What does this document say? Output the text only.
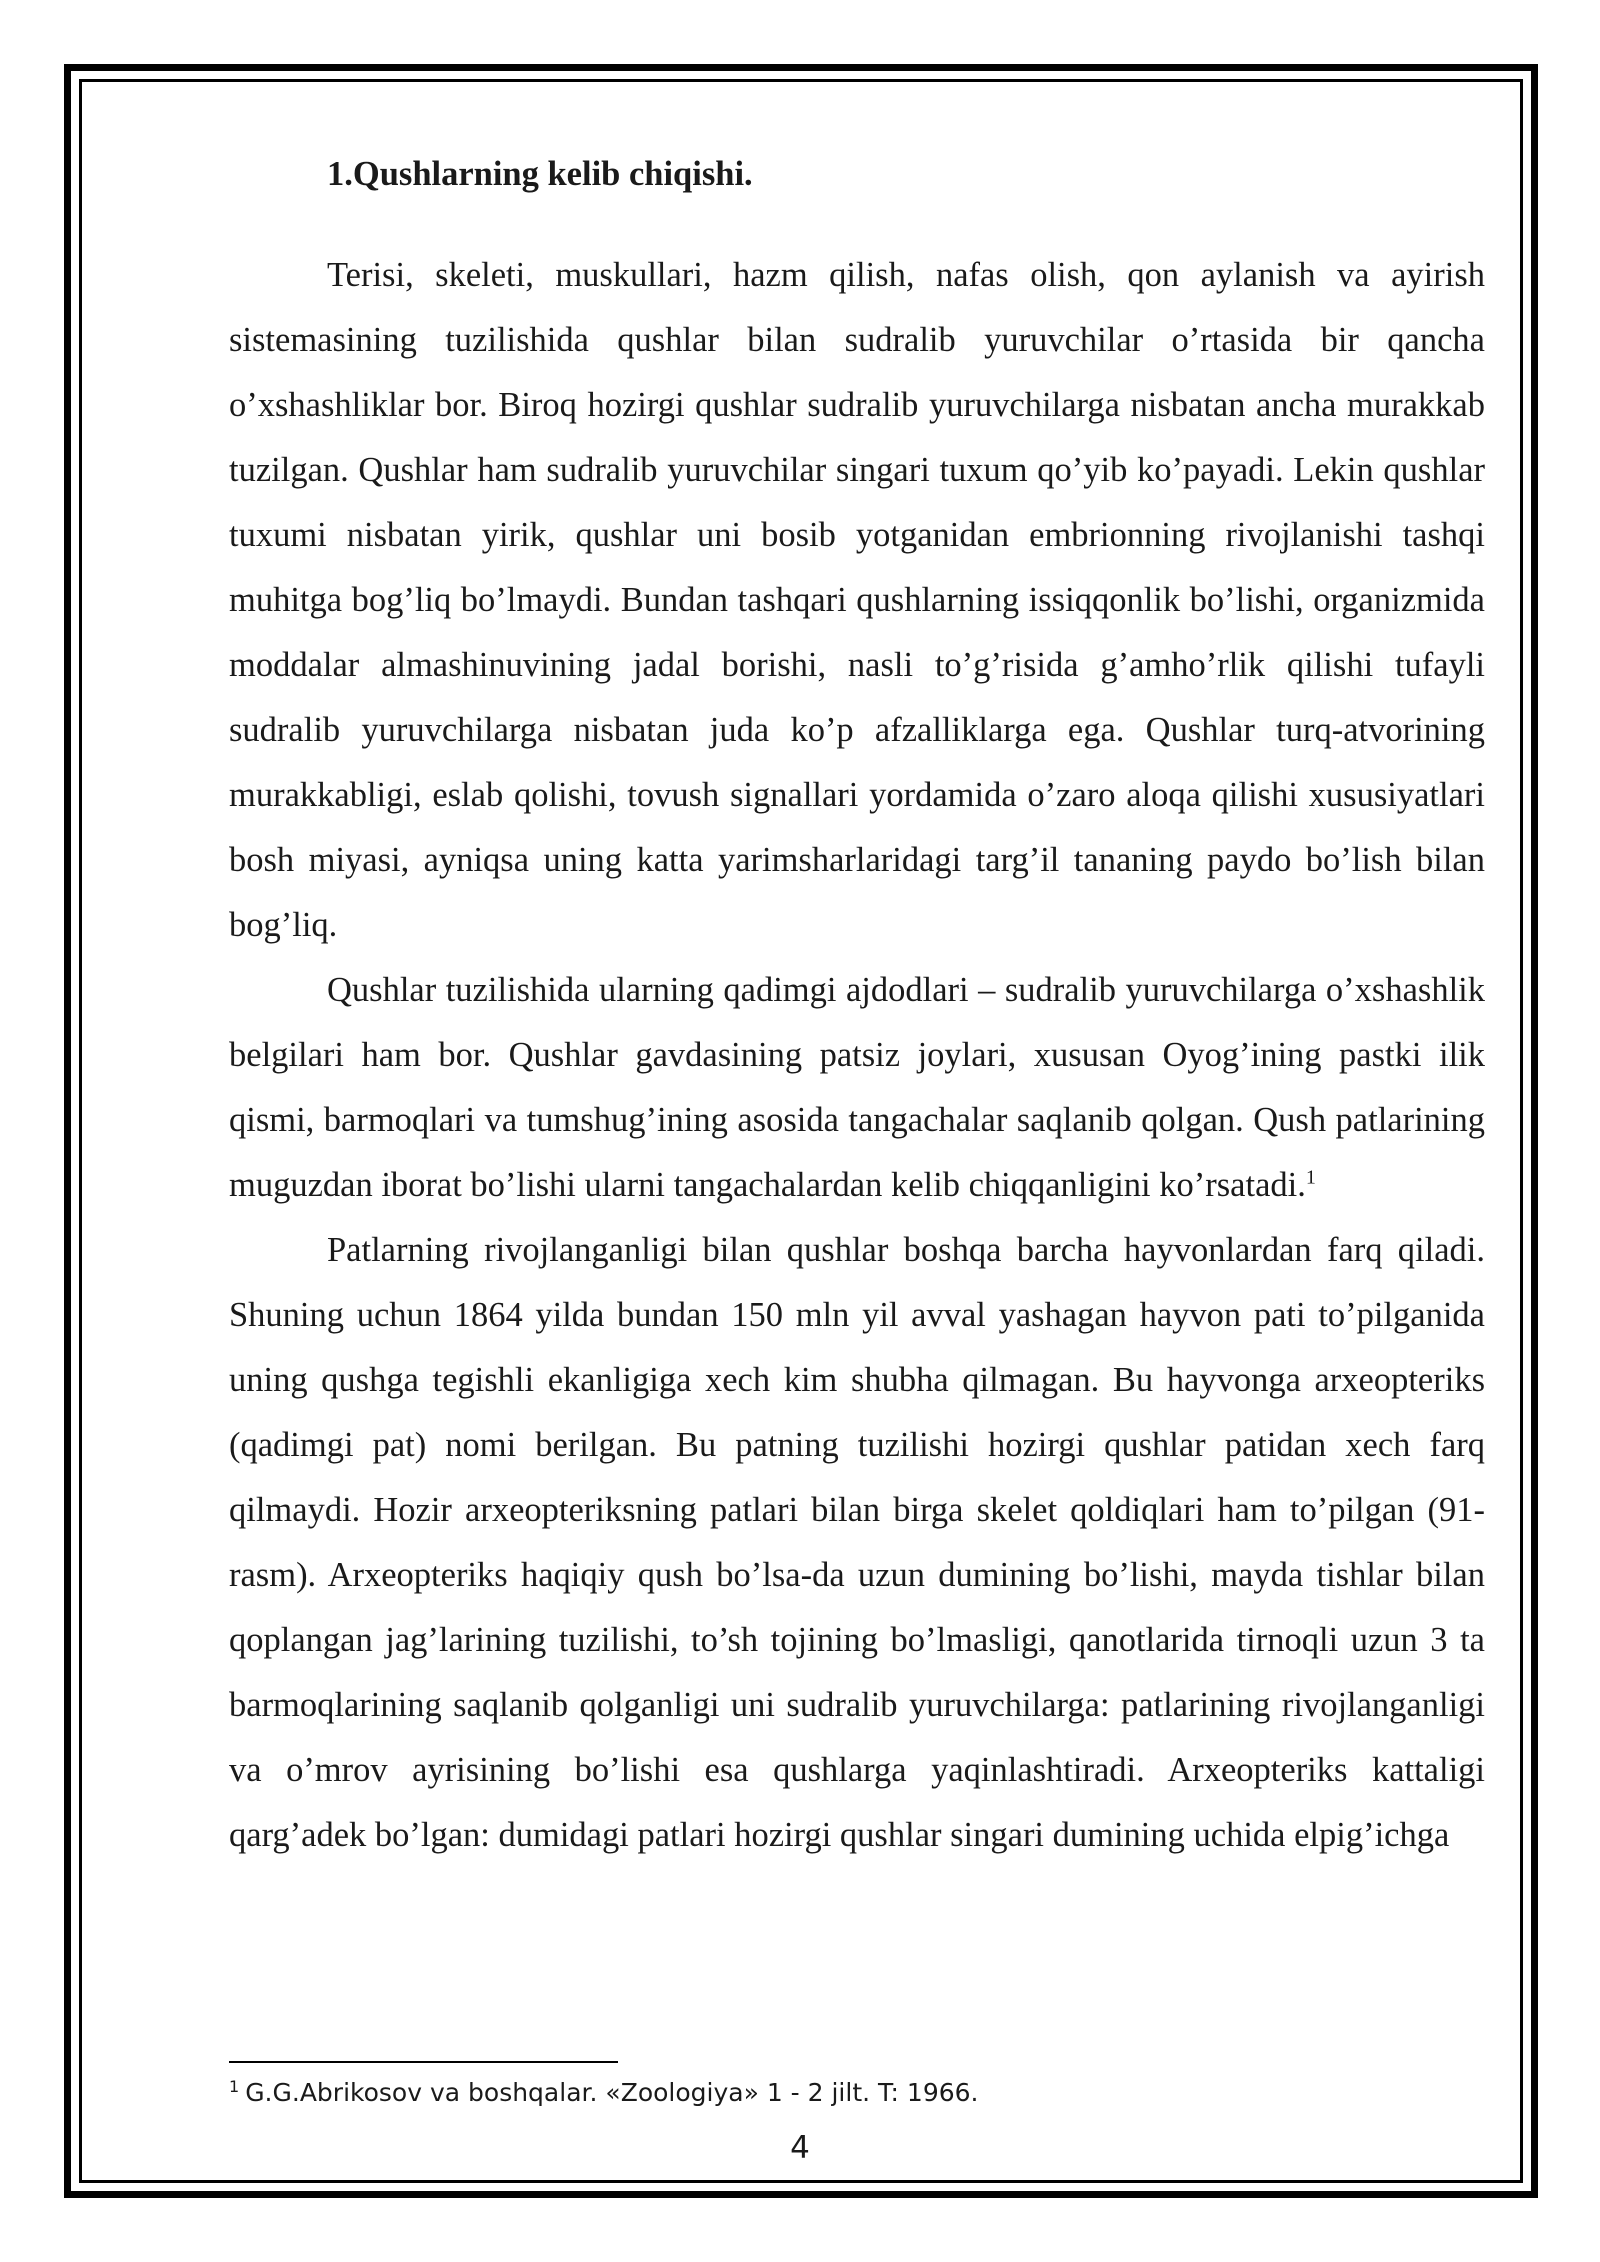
1.Qushlarning kelib chiqishi.

Terisi, skeleti, muskullari, hazm qilish, nafas olish, qon aylanish va ayirish sistemasining tuzilishida qushlar bilan sudralib yuruvchilar o’rtasida bir qancha o’xshashliklar bor. Biroq hozirgi qushlar sudralib yuruvchilarga nisbatan ancha murakkab tuzilgan. Qushlar ham sudralib yuruvchilar singari tuxum qo’yib ko’payadi. Lekin qushlar tuxumi nisbatan yirik, qushlar uni bosib yotganidan embrionning rivojlanishi tashqi muhitga bog’liq bo’lmaydi. Bundan tashqari qushlarning issiqqonlik bo’lishi, organizmida moddalar almashinuvining jadal borishi, nasli to’g’risida g’amho’rlik qilishi tufayli sudralib yuruvchilarga nisbatan juda ko’p afzalliklarga ega. Qushlar turq-atvorining murakkabligi, eslab qolishi, tovush signallari yordamida o’zaro aloqa qilishi xususiyatlari bosh miyasi, ayniqsa uning katta yarimsharlaridagi targ’il tananing paydo bo’lish bilan bog’liq.

Qushlar tuzilishida ularning qadimgi ajdodlari – sudralib yuruvchilarga o’xshashlik belgilari ham bor. Qushlar gavdasining patsiz joylari, xususan Oyog’ining pastki ilik qismi, barmoqlari va tumshug’ining asosida tangachalar saqlanib qolgan. Qush patlarining muguzdan iborat bo’lishi ularni tangachalardan kelib chiqqanligini ko’rsatadi.$^1$

Patlarning rivojlanganligi bilan qushlar boshqa barcha hayvonlardan farq qiladi. Shuning uchun 1864 yilda bundan 150 mln yil avval yashagan hayvon pati to’pilganida uning qushga tegishli ekanligiga xech kim shubha qilmagan. Bu hayvonga arxeopteriks (qadimgi pat) nomi berilgan. Bu patning tuzilishi hozirgi qushlar patidan xech farq qilmaydi. Hozir arxeopteriksning patlari bilan birga skelet qoldiqlari ham to’pilgan (91- rasm). Arxeopteriks haqiqiy qush bo’lsa-da uzun dumining bo’lishi, mayda tishlar bilan qoplangan jag’larining tuzilishi, to’sh tojining bo’lmasligi, qanotlarida tirnoqli uzun 3 ta barmoqlarining saqlanib qolganligi uni sudralib yuruvchilarga: patlarining rivojlanganligi va o’mrov ayrisining bo’lishi esa qushlarga yaqinlashtiradi. Arxeopteriks kattaligi qarg’adek bo’lgan: dumidagi patlari hozirgi qushlar singari dumining uchida elpig’ichga

$^1$ G.G.Abrikosov va boshqalar. «Zoologiya» 1 - 2 jilt. T: 1966.
4
